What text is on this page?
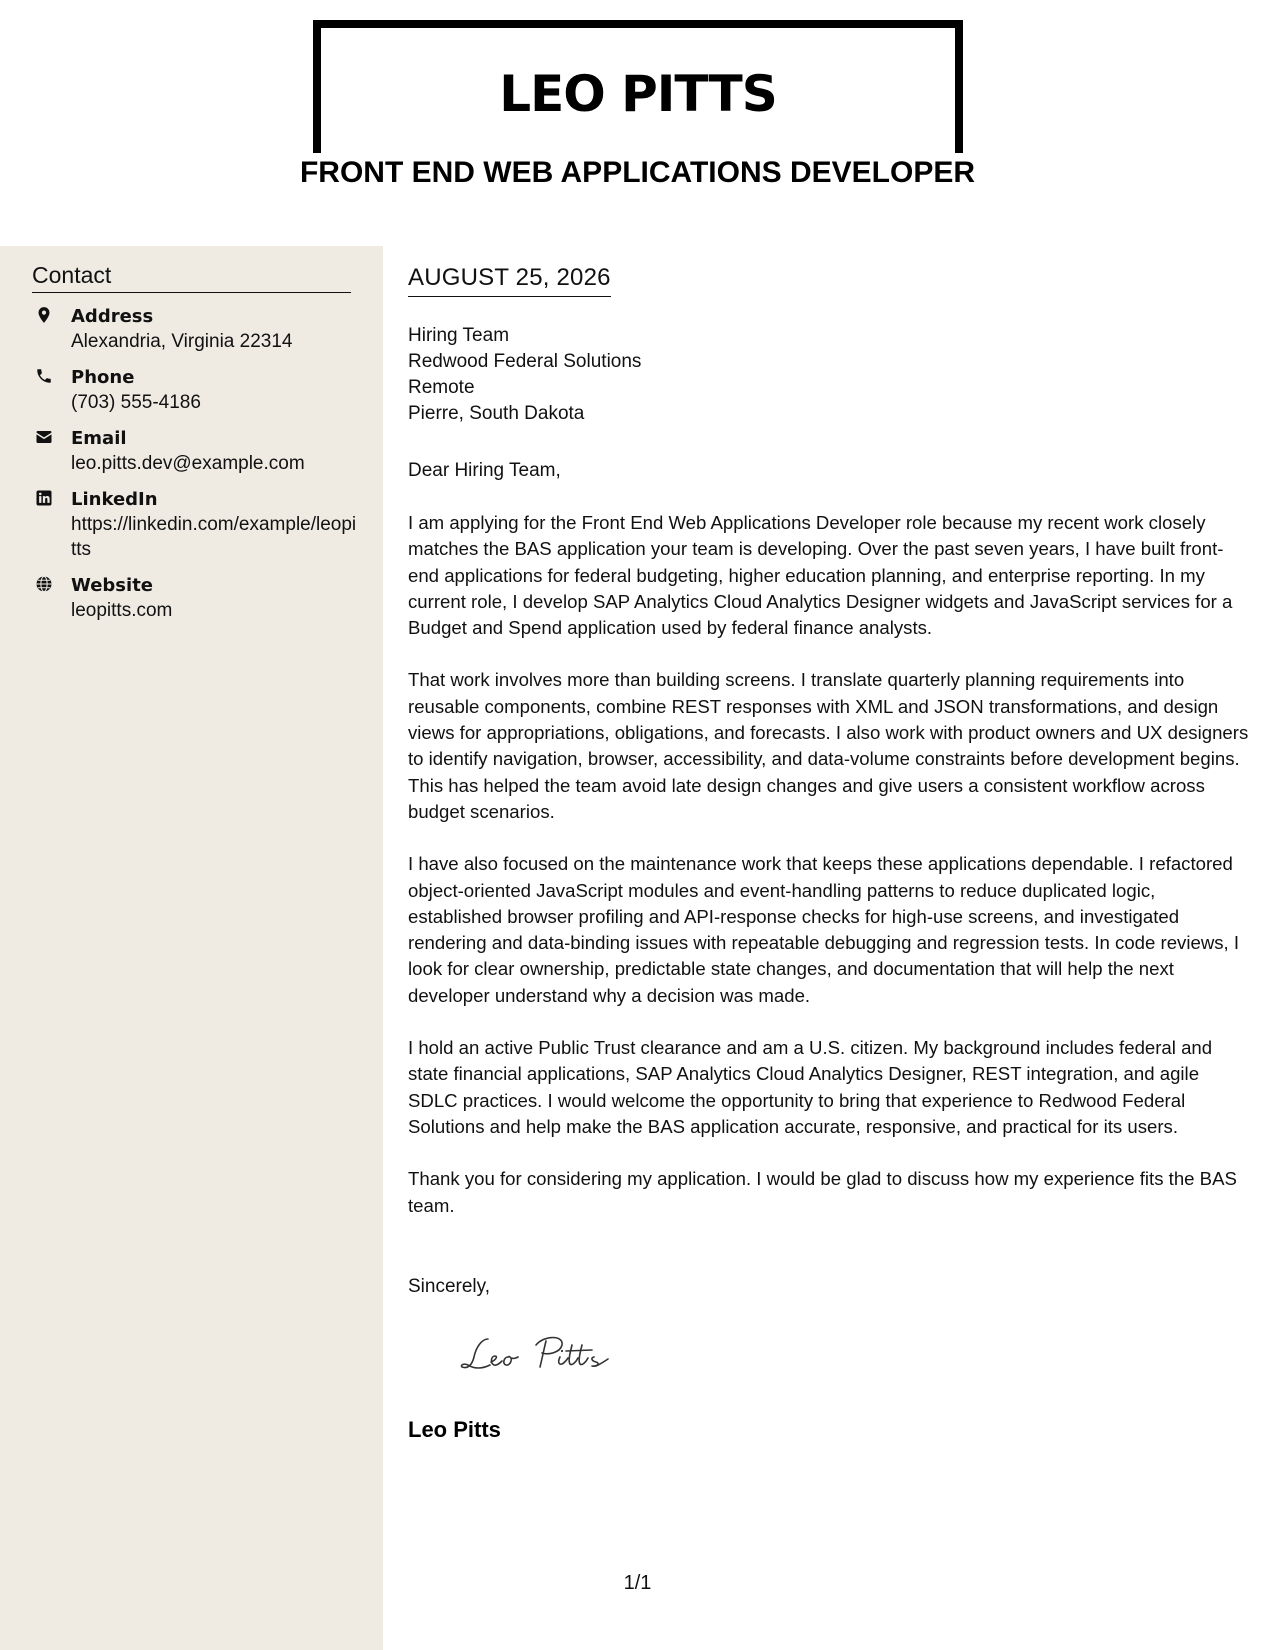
LEO PITTS
FRONT END WEB APPLICATIONS DEVELOPER
Contact
Address
Alexandria, Virginia 22314
Phone
(703) 555-4186
Email
leo.pitts.dev@example.com
LinkedIn
https://linkedin.com/example/leopitts
Website
leopitts.com
AUGUST 25, 2026
Hiring Team
Redwood Federal Solutions
Remote
Pierre, South Dakota

Dear Hiring Team,

I am applying for the Front End Web Applications Developer role because my recent work closely matches the BAS application your team is developing. Over the past seven years, I have built front-end applications for federal budgeting, higher education planning, and enterprise reporting. In my current role, I develop SAP Analytics Cloud Analytics Designer widgets and JavaScript services for a Budget and Spend application used by federal finance analysts.

That work involves more than building screens. I translate quarterly planning requirements into reusable components, combine REST responses with XML and JSON transformations, and design views for appropriations, obligations, and forecasts. I also work with product owners and UX designers to identify navigation, browser, accessibility, and data-volume constraints before development begins. This has helped the team avoid late design changes and give users a consistent workflow across budget scenarios.

I have also focused on the maintenance work that keeps these applications dependable. I refactored object-oriented JavaScript modules and event-handling patterns to reduce duplicated logic, established browser profiling and API-response checks for high-use screens, and investigated rendering and data-binding issues with repeatable debugging and regression tests. In code reviews, I look for clear ownership, predictable state changes, and documentation that will help the next developer understand why a decision was made.

I hold an active Public Trust clearance and am a U.S. citizen. My background includes federal and state financial applications, SAP Analytics Cloud Analytics Designer, REST integration, and agile SDLC practices. I would welcome the opportunity to bring that experience to Redwood Federal Solutions and help make the BAS application accurate, responsive, and practical for its users.

Thank you for considering my application. I would be glad to discuss how my experience fits the BAS team.

Sincerely,

Leo Pitts

1/1
